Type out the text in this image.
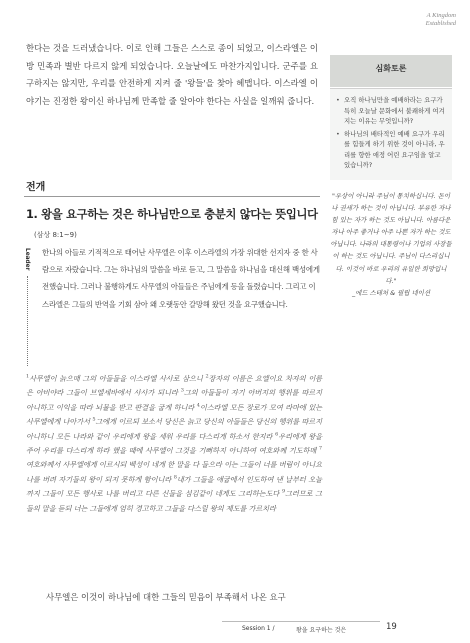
A Kingdom
Established

한다는 것을 드러냈습니다. 이로 인해 그들은 스스로 종이 되었고, 이스라엘은 이방 민족과 별반 다르지 않게 되었습니다. 오늘날에도 마찬가지입니다. 군주를 요구하지는 않지만, 우리를 안전하게 지켜 줄 '왕들'을 찾아 헤맵니다. 이스라엘 이야기는 진정한 왕이신 하나님께 만족할 줄 알아야 한다는 사실을 일깨워 줍니다.

심화토론
• 오직 하나님만을 예배하라는 요구가 특히 오늘날 문화에서 불쾌하게 여겨지는 이유는 무엇입니까?
• 하나님의 배타적인 예배 요구가 우리를 힘들게 하기 위한 것이 아니라, 우리를 향한 애정 어린 요구임을 알고 있습니까?
전개
1. 왕을 요구하는 것은 하나님만으로 충분치 않다는 뜻입니다
(삼상 8:1~9)
Leader 한나의 아들로 기적적으로 태어난 사무엘은 이후 이스라엘의 가장 위대한 선지자 중 한 사람으로 자랐습니다. 그는 하나님의 말씀을 바로 듣고, 그 말씀을 하나님을 대신해 백성에게 전했습니다. 그러나 불행하게도 사무엘의 아들들은 주님에게 등을 돌렸습니다. 그리고 이스라엘은 그들의 반역을 기회 삼아 왜 오랫동안 갈망해 왔던 것을 요구했습니다.

"우상이 아니라 주님이 통치하십니다. 돈이나 권세가 하는 것이 아닙니다. 부유한 자나 힘 있는 자가 하는 것도 아닙니다. 아름다운 자나 아주 좋거나 아주 나쁜 자가 하는 것도 아닙니다. 나라의 대통령이나 기업의 사장들이 하는 것도 아닙니다. 주님이 다스리십니다. 이것이 바로 우리의 유일한 희망입니다."
_에드 스테처 & 필립 네이션

$^1$사무엘이 늙으매 그의 아들들을 이스라엘 사사로 삼으니 $^2$장자의 이름은 요엘이요 차자의 이름은 아비야라 그들이 브엘세바에서 사사가 되니라 $^3$그의 아들들이 자기 아버지의 행위를 따르지 아니하고 이익을 따라 뇌물을 받고 판결을 굽게 하니라 $^4$이스라엘 모든 장로가 모여 라마에 있는 사무엘에게 나아가서 $^5$그에게 이르되 보소서 당신은 늙고 당신의 아들들은 당신의 행위를 따르지 아니하니 모든 나라와 같이 우리에게 왕을 세워 우리를 다스리게 하소서 한지라 $^6$우리에게 왕을 주어 우리를 다스리게 하라 했을 때에 사무엘이 그것을 기뻐하지 아니하여 여호와께 기도하매 $^7$여호와께서 사무엘에게 이르시되 백성이 네게 한 말을 다 들으라 이는 그들이 너를 버림이 아니요 나를 버려 자기들의 왕이 되지 못하게 함이니라 $^8$내가 그들을 애굽에서 인도하여 낸 날부터 오늘까지 그들이 모든 행사로 나를 버리고 다른 신들을 섬김같이 네게도 그리하는도다 $^9$그러므로 그들의 말을 듣되 너는 그들에게 엄히 경고하고 그들을 다스릴 왕의 제도를 가르치라

사무엘은 이것이 하나님에 대한 그들의 믿음이 부족해서 나온 요구

Session 1 /	왕을 요구하는 것은	19
